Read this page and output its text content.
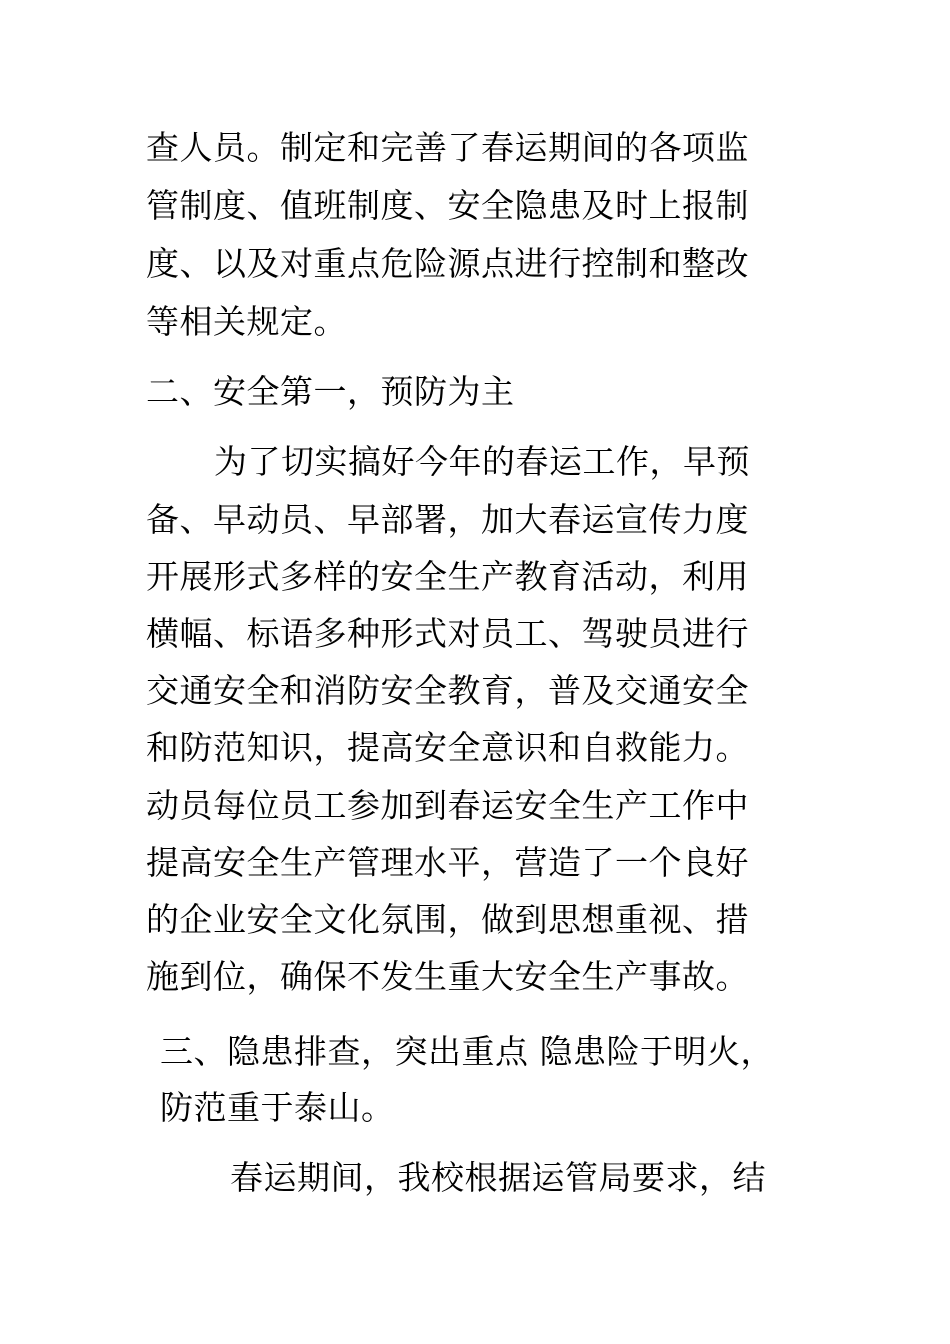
查人员。制定和完善了春运期间的各项监

管制度、值班制度、安全隐患及时上报制

度、以及对重点危险源点进行控制和整改

等相关规定。

二、安全第一，预防为主

为了切实搞好今年的春运工作，早预

备、早动员、早部署，加大春运宣传力度

开展形式多样的安全生产教育活动，利用

横幅、标语多种形式对员工、驾驶员进行

交通安全和消防安全教育，普及交通安全

和防范知识，提高安全意识和自救能力。

动员每位员工参加到春运安全生产工作中

提高安全生产管理水平，营造了一个良好

的企业安全文化氛围，做到思想重视、措

施到位，确保不发生重大安全生产事故。

三、隐患排查，突出重点 隐患险于明火，

防范重于泰山。

春运期间，我校根据运管局要求，结
